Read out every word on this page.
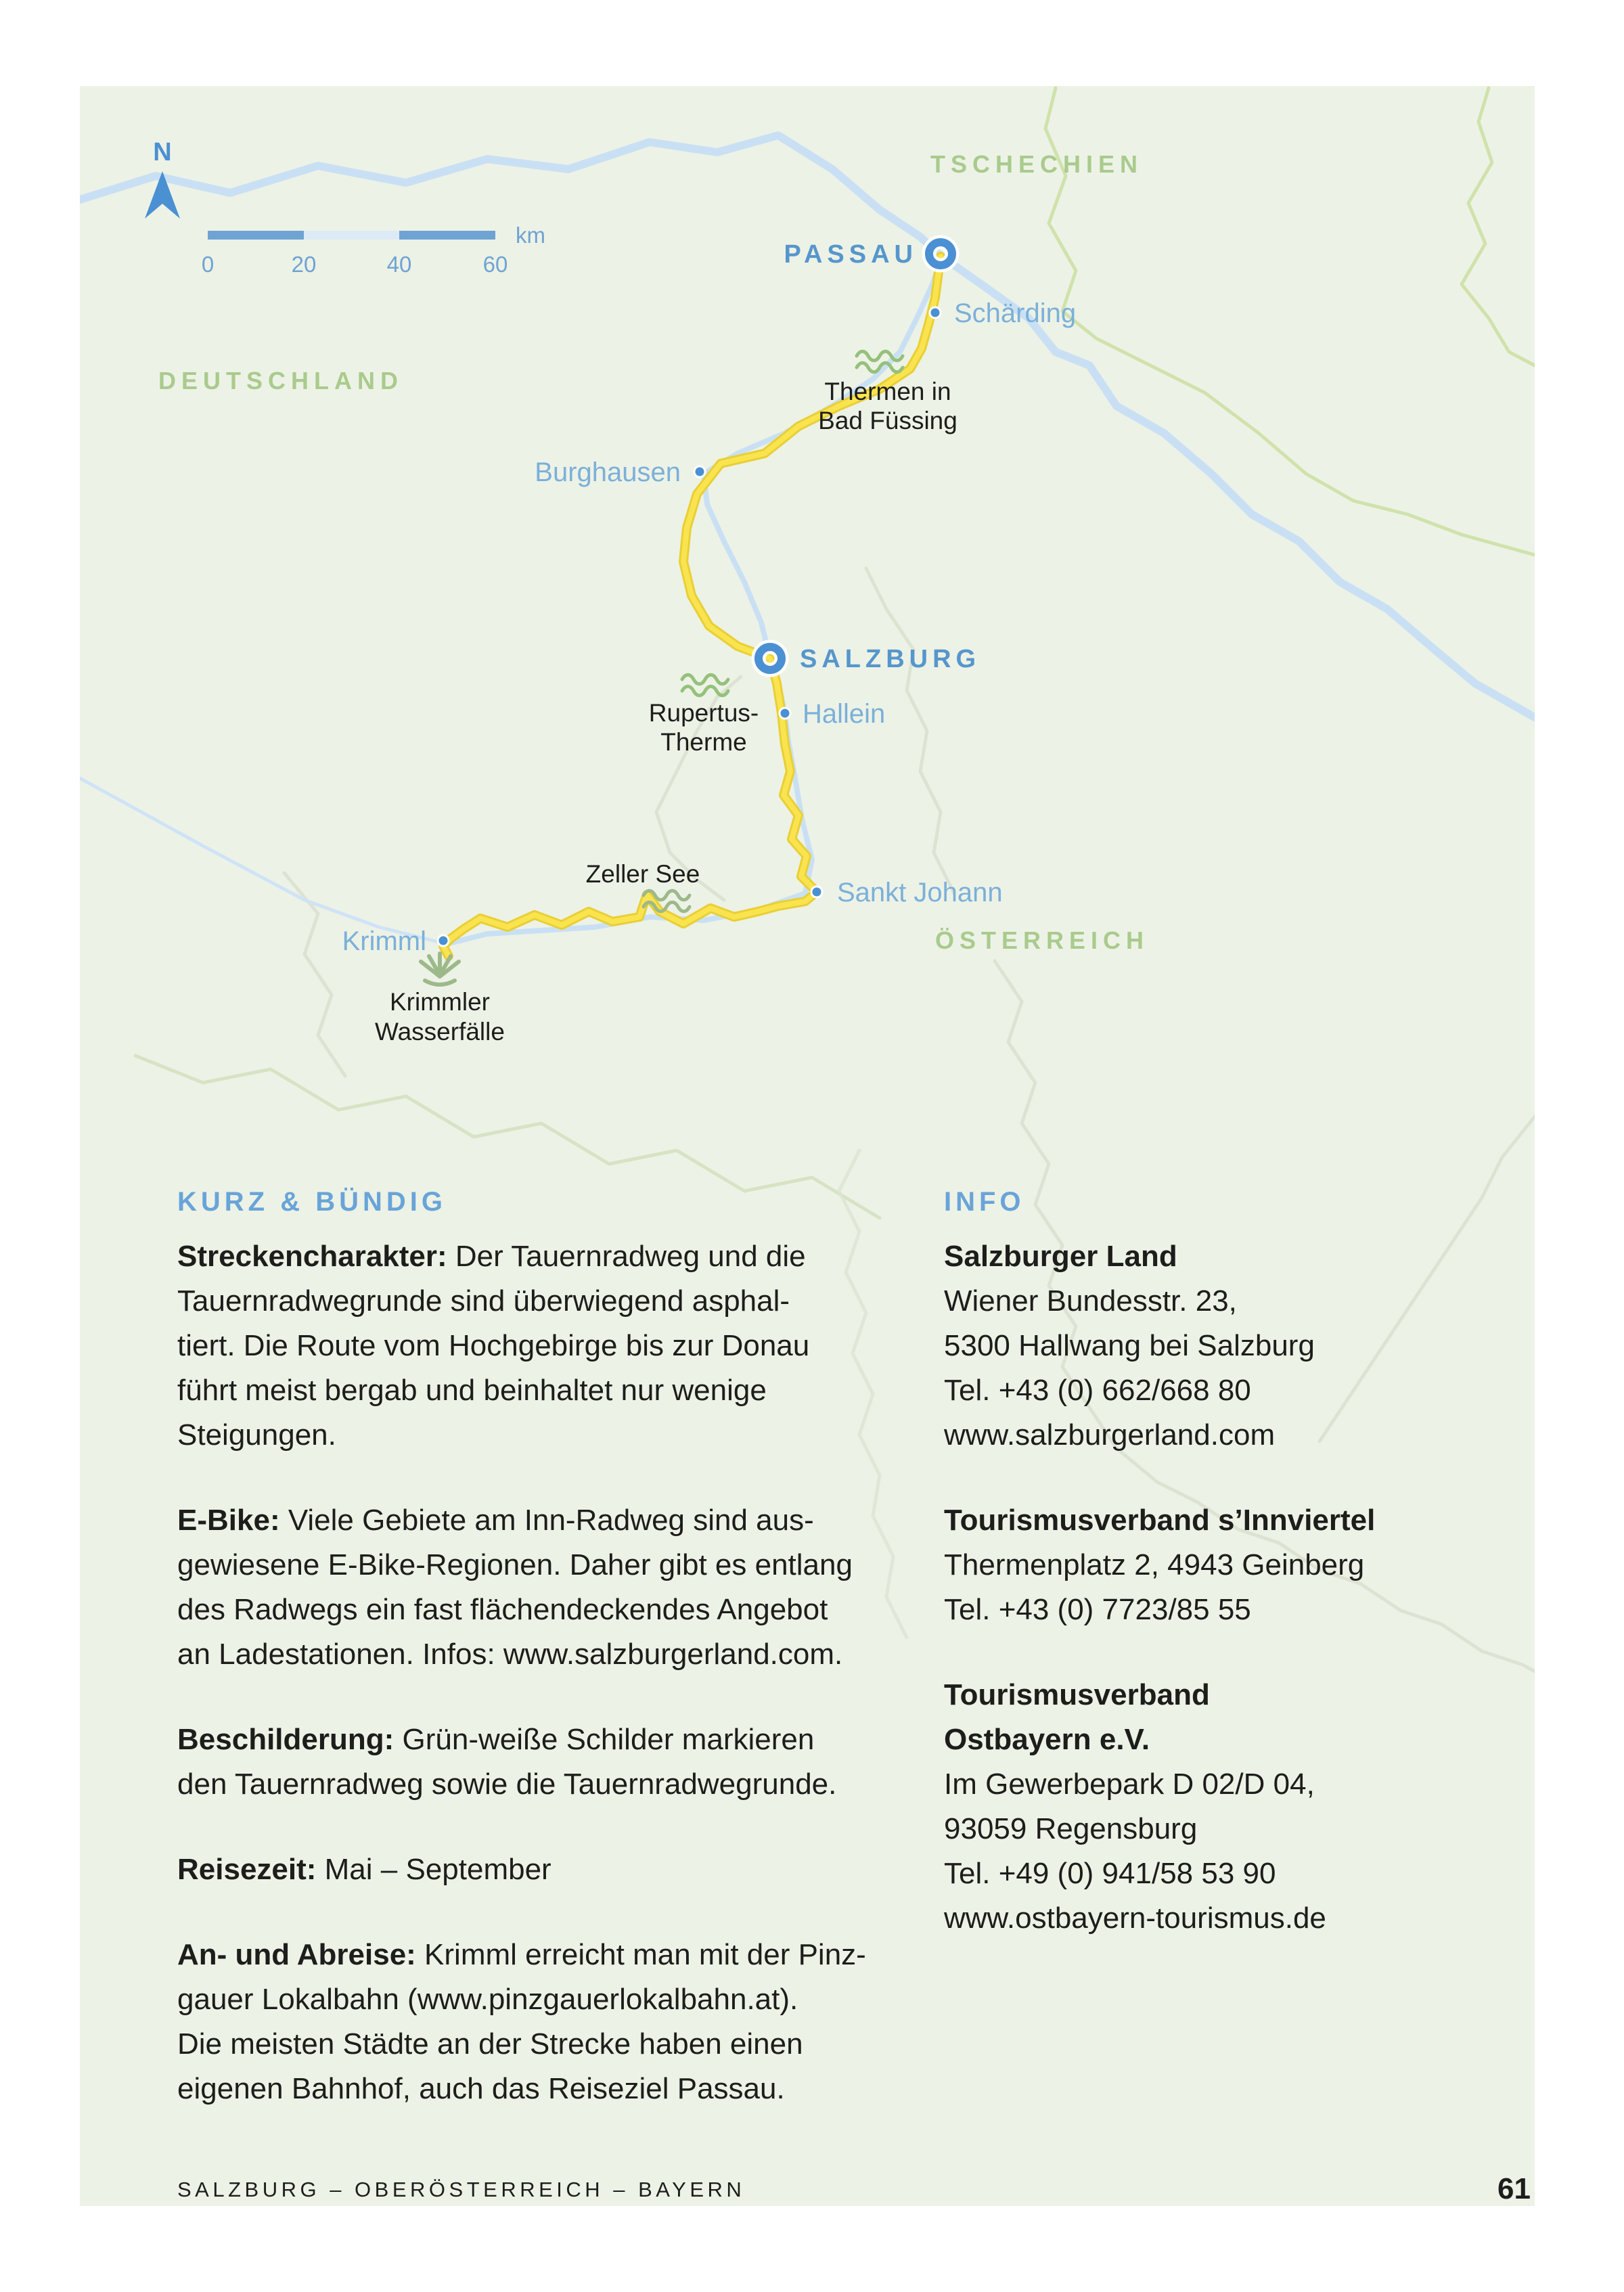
N
0	20	40	60
km
DEUTSCHLAND
TSCHECHIEN
ÖSTERREICH
PASSAU
SALZBURG
Schärding
Burghausen
Hallein
Sankt Johann
Krimml
Thermen in
Bad Füssing
Rupertus-
Therme
Zeller See
Krimmler
Wasserfälle
KURZ & BÜNDIG
Streckencharakter: Der Tauernradweg und die
Tauernradwegrunde sind überwiegend asphal-
tiert. Die Route vom Hochgebirge bis zur Donau
führt meist bergab und beinhaltet nur wenige
Steigungen.
E-Bike: Viele Gebiete am Inn-Radweg sind aus-
gewiesene E-Bike-Regionen. Daher gibt es entlang
des Radwegs ein fast flächendeckendes Angebot
an Ladestationen. Infos: www.salzburgerland.com.
Beschilderung: Grün-weiße Schilder markieren
den Tauernradweg sowie die Tauernradwegrunde.
Reisezeit: Mai – September
An- und Abreise: Krimml erreicht man mit der Pinz-
gauer Lokalbahn (www.pinzgauerlokalbahn.at).
Die meisten Städte an der Strecke haben einen
eigenen Bahnhof, auch das Reiseziel Passau.
INFO
Salzburger Land
Wiener Bundesstr. 23,
5300 Hallwang bei Salzburg
Tel. +43 (0) 662/668 80
www.salzburgerland.com
Tourismusverband s’Innviertel
Thermenplatz 2, 4943 Geinberg
Tel. +43 (0) 7723/85 55
Tourismusverband
Ostbayern e.V.
Im Gewerbepark D 02/D 04,
93059 Regensburg
Tel. +49 (0) 941/58 53 90
www.ostbayern-tourismus.de
SALZBURG – OBERÖSTERREICH – BAYERN	61
